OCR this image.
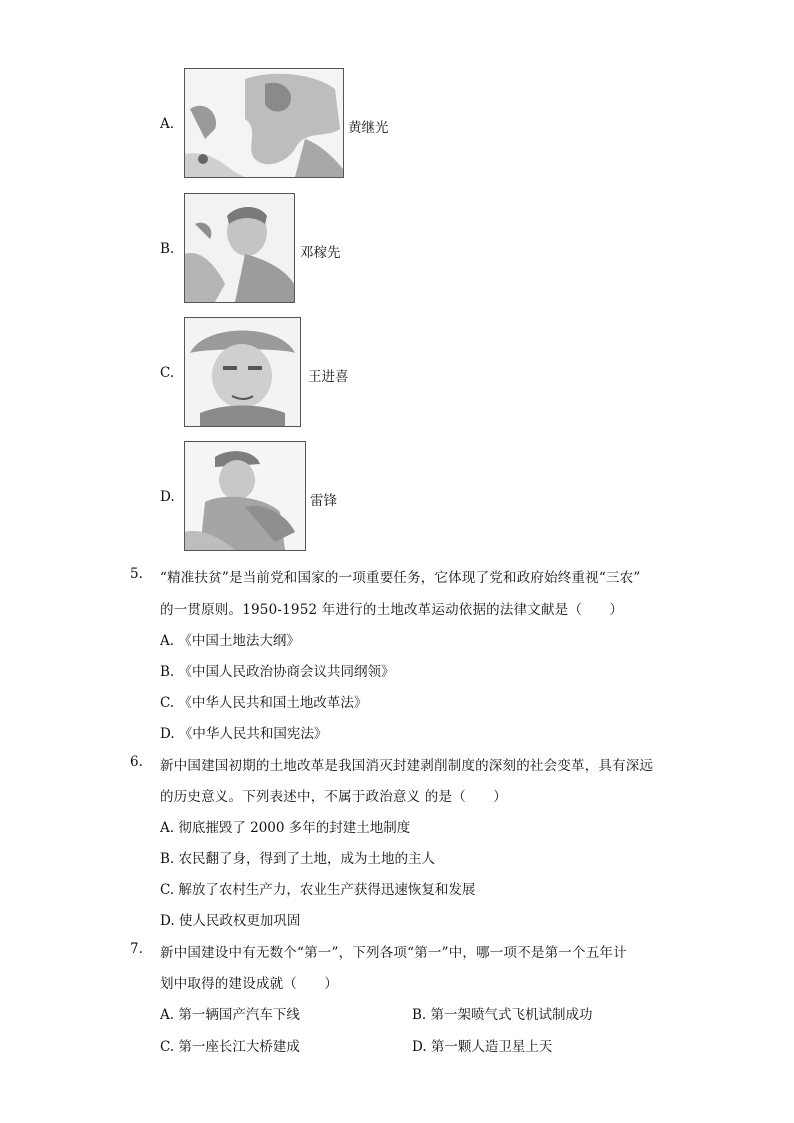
A.	黄继光
B.	邓稼先
C.	王进喜
D.	雷锋
5. “精准扶贫”是当前党和国家的一项重要任务，它体现了党和政府始终重视“三农”
的一贯原则。1950-1952 年进行的土地改革运动依据的法律文献是（　　）
A. 《中国土地法大纲》
B. 《中国人民政治协商会议共同纲领》
C. 《中华人民共和国土地改革法》
D. 《中华人民共和国宪法》
6. 新中国建国初期的土地改革是我国消灭封建剥削制度的深刻的社会变革，具有深远
的历史意义。下列表述中，不属于政治意义 的是（　　）
A. 彻底摧毁了 2000 多年的封建土地制度
B. 农民翻了身，得到了土地，成为土地的主人
C. 解放了农村生产力，农业生产获得迅速恢复和发展
D. 使人民政权更加巩固
7. 新中国建设中有无数个“第一”，下列各项“第一”中，哪一项不是第一个五年计
划中取得的建设成就（　　）
A. 第一辆国产汽车下线	B. 第一架喷气式飞机试制成功
C. 第一座长江大桥建成	D. 第一颗人造卫星上天
